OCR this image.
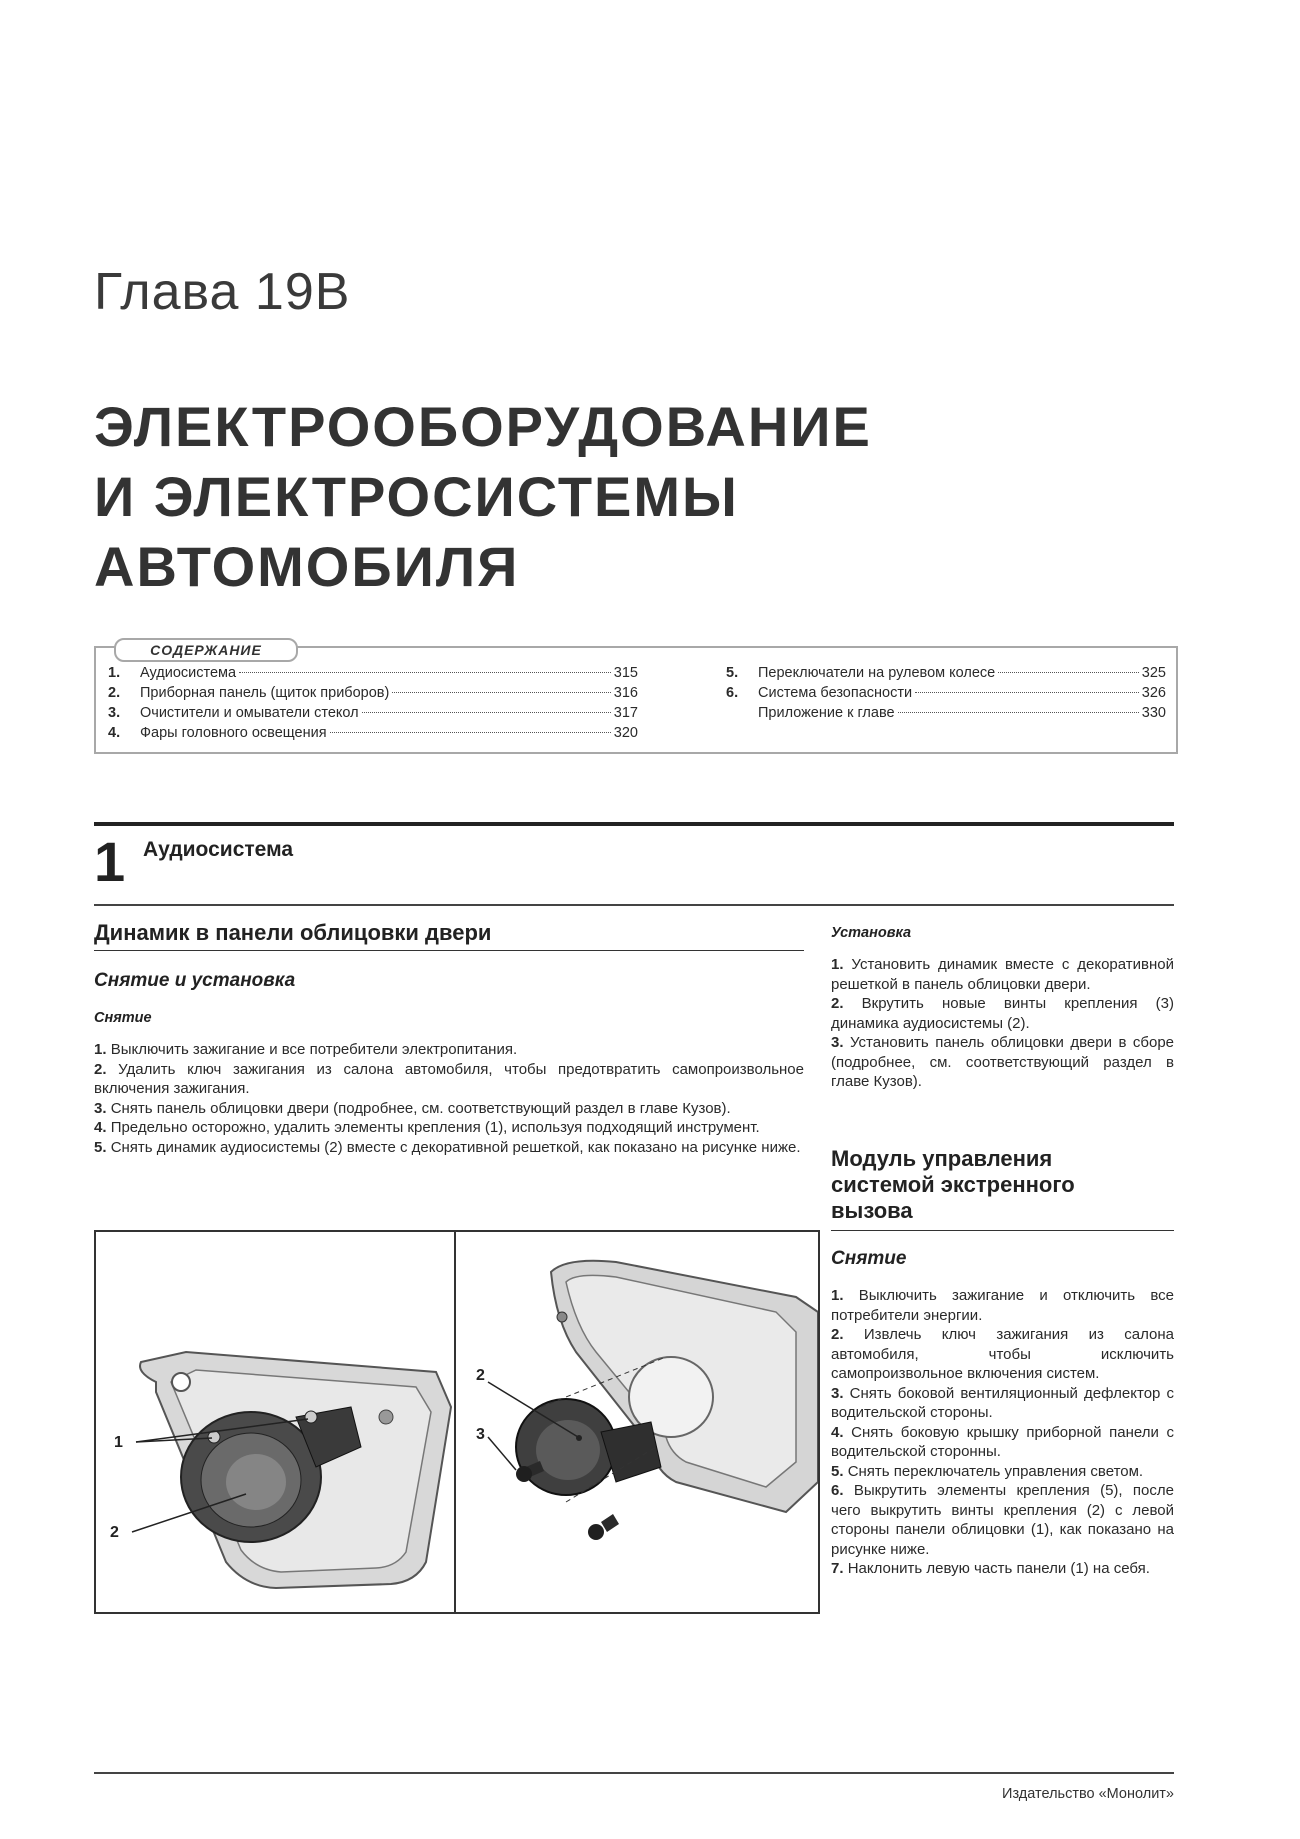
Глава 19В
ЭЛЕКТРООБОРУДОВАНИЕ
И ЭЛЕКТРОСИСТЕМЫ
АВТОМОБИЛЯ
СОДЕРЖАНИЕ
1.	Аудиосистема	315
2.	Приборная панель (щиток приборов)	316
3.	Очистители и омыватели стекол	317
4.	Фары головного освещения	320
5.	Переключатели на рулевом колесе	325
6.	Система безопасности	326
Приложение к главе	330
1 Аудиосистема
Динамик в панели облицовки двери
Снятие и установка
Снятие
1. Выключить зажигание и все потребители электропитания.
2. Удалить ключ зажигания из салона автомобиля, чтобы предотвратить самопроизвольное включения зажигания.
3. Снять панель облицовки двери (подробнее, см. соответствующий раздел в главе Кузов).
4. Предельно осторожно, удалить элементы крепления (1), используя подходящий инструмент.
5. Снять динамик аудиосистемы (2) вместе с декоративной решеткой, как показано на рисунке ниже.
1
2
2
3
Установка
1. Установить динамик вместе с декоративной решеткой в панель облицовки двери.
2. Вкрутить новые винты крепления (3) динамика аудиосистемы (2).
3. Установить панель облицовки двери в сборе (подробнее, см. соответствующий раздел в главе Кузов).
Модуль управления
системой экстренного
вызова
Снятие
1. Выключить зажигание и отключить все потребители энергии.
2. Извлечь ключ зажигания из салона автомобиля, чтобы исключить самопроизвольное включения систем.
3. Снять боковой вентиляционный дефлектор с водительской стороны.
4. Снять боковую крышку приборной панели с водительской сторонны.
5. Снять переключатель управления светом.
6. Выкрутить элементы крепления (5), после чего выкрутить винты крепления (2) с левой стороны панели облицовки (1), как показано на рисунке ниже.
7. Наклонить левую часть панели (1) на себя.
Издательство «Монолит»
